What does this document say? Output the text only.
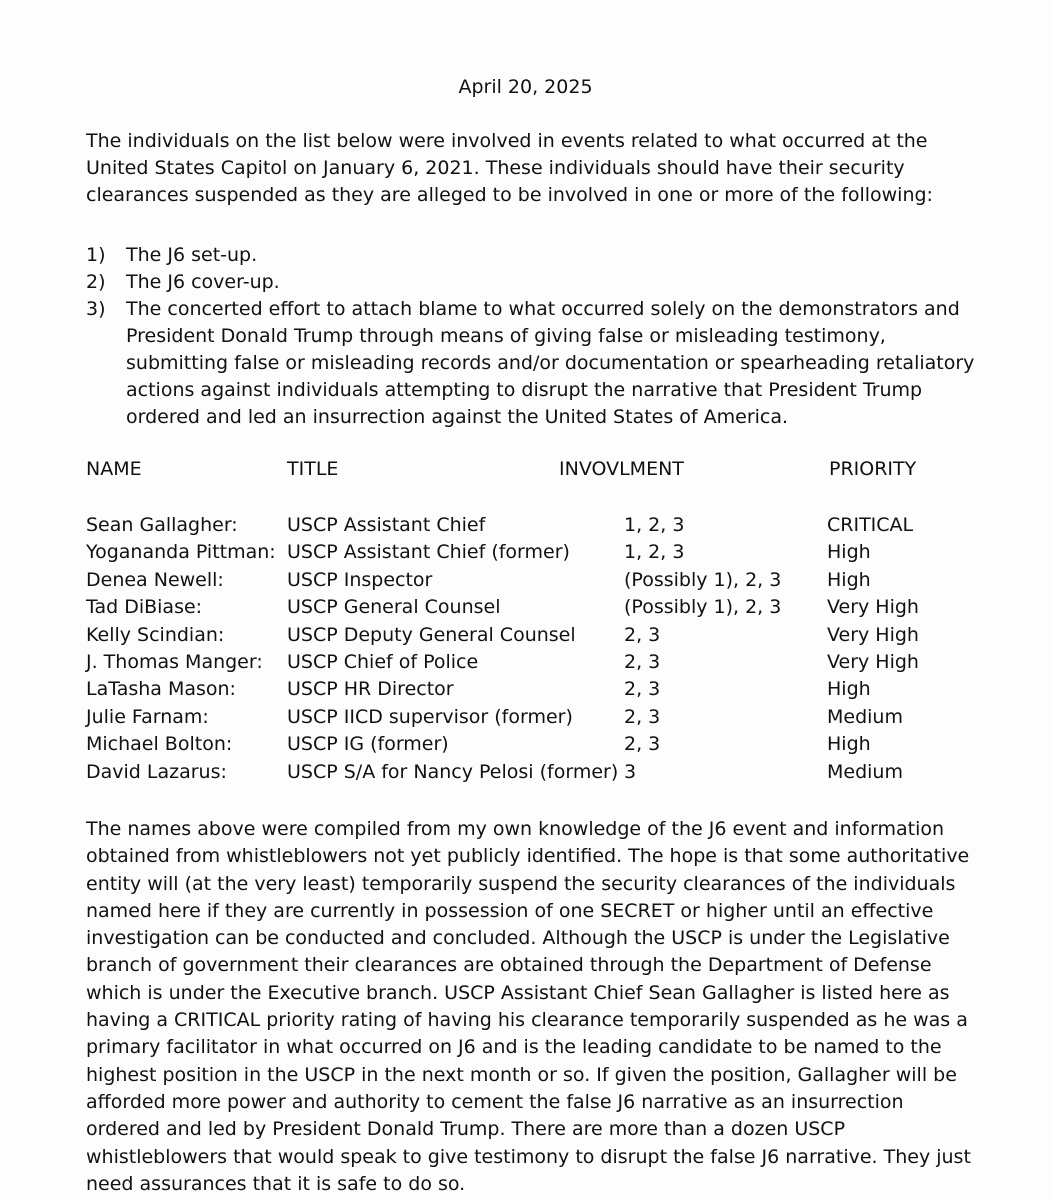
April 20, 2025

The individuals on the list below were involved in events related to what occurred at the United States Capitol on January 6, 2021. These individuals should have their security clearances suspended as they are alleged to be involved in one or more of the following:

1)	The J6 set-up.
2)	The J6 cover-up.
3)	The concerted effort to attach blame to what occurred solely on the demonstrators and President Donald Trump through means of giving false or misleading testimony, submitting false or misleading records and/or documentation or spearheading retaliatory actions against individuals attempting to disrupt the narrative that President Trump ordered and led an insurrection against the United States of America.
NAME	TITLE	INVOVLMENT	PRIORITY
Sean Gallagher:	USCP Assistant Chief	1, 2, 3	CRITICAL
Yogananda Pittman: USCP Assistant Chief (former)	1, 2, 3	High
Denea Newell:	USCP Inspector	(Possibly 1), 2, 3 High
Tad DiBiase:	USCP General Counsel	(Possibly 1), 2, 3 Very High
Kelly Scindian:	USCP Deputy General Counsel	2, 3	Very High
J. Thomas Manger: USCP Chief of Police	2, 3	Very High
LaTasha Mason:	USCP HR Director	2, 3	High
Julie Farnam:	USCP IICD supervisor (former)	2, 3	Medium
Michael Bolton:	USCP IG (former)	2, 3	High
David Lazarus:	USCP S/A for Nancy Pelosi (former) 3	Medium

The names above were compiled from my own knowledge of the J6 event and information obtained from whistleblowers not yet publicly identified. The hope is that some authoritative entity will (at the very least) temporarily suspend the security clearances of the individuals named here if they are currently in possession of one SECRET or higher until an effective investigation can be conducted and concluded. Although the USCP is under the Legislative branch of government their clearances are obtained through the Department of Defense which is under the Executive branch. USCP Assistant Chief Sean Gallagher is listed here as having a CRITICAL priority rating of having his clearance temporarily suspended as he was a primary facilitator in what occurred on J6 and is the leading candidate to be named to the highest position in the USCP in the next month or so. If given the position, Gallagher will be afforded more power and authority to cement the false J6 narrative as an insurrection ordered and led by President Donald Trump. There are more than a dozen USCP whistleblowers that would speak to give testimony to disrupt the false J6 narrative. They just need assurances that it is safe to do so.
